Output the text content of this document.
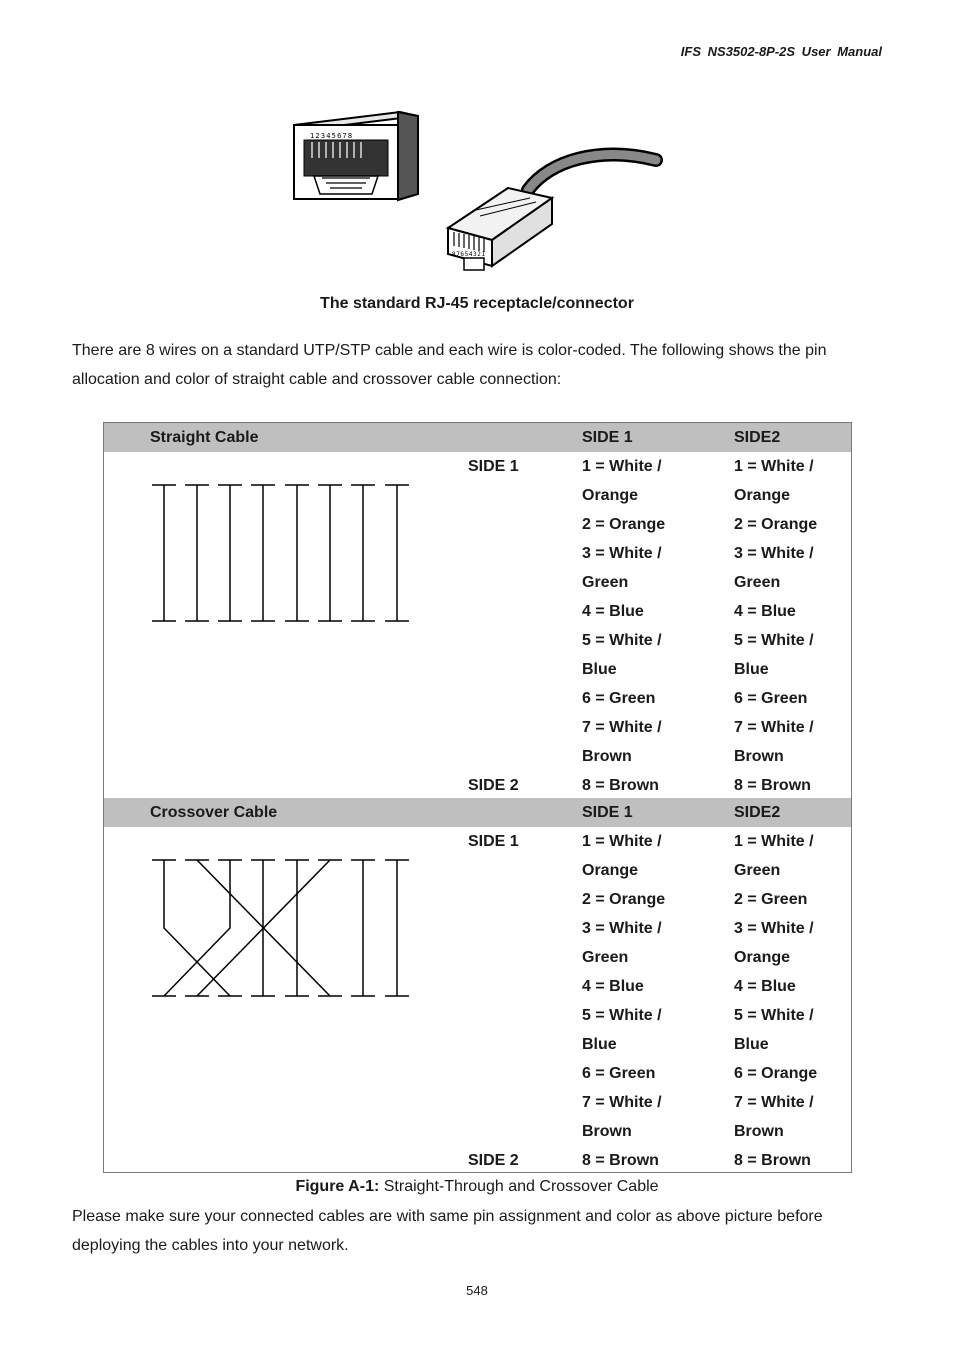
IFS NS3502-8P-2S User Manual
12345678
87654321
The standard RJ-45 receptacle/connector
There are 8 wires on a standard UTP/STP cable and each wire is color-coded. The following shows the pin allocation and color of straight cable and crossover cable connection:
Straight Cable	SIDE 1	SIDE2
SIDE 1	1 = White /	1 = White /
Orange	Orange
2 = Orange	2 = Orange
3 = White /	3 = White /
Green	Green
4 = Blue	4 = Blue
5 = White /	5 = White /
Blue	Blue
6 = Green	6 = Green
7 = White /	7 = White /
Brown	Brown
SIDE 2	8 = Brown	8 = Brown
Crossover Cable	SIDE 1	SIDE2
SIDE 1	1 = White /	1 = White /
Orange	Green
2 = Orange	2 = Green
3 = White /	3 = White /
Green	Orange
4 = Blue	4 = Blue
5 = White /	5 = White /
Blue	Blue
6 = Green	6 = Orange
7 = White /	7 = White /
Brown	Brown
SIDE 2	8 = Brown	8 = Brown
Figure A-1: Straight-Through and Crossover Cable
Please make sure your connected cables are with same pin assignment and color as above picture before deploying the cables into your network.
548
